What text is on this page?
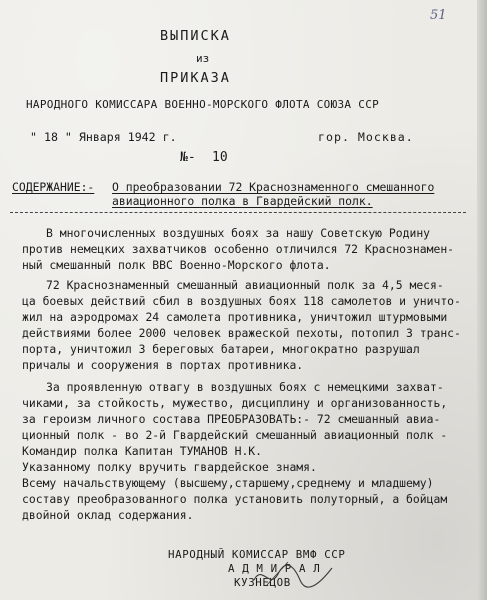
51
ВЫПИСКА
из
ПРИКАЗА
НАРОДНОГО КОМИССАРА ВОЕННО-МОРСКОГО ФЛОТА СОЮЗА ССР
" 18 " Января 1942 г.	гор. Москва.
№- 10
СОДЕРЖАНИЕ:- О преобразовании 72 Краснознаменного смешанного
авиационного полка в Гвардейский полк.
В многочисленных воздушных боях за нашу Советскую Родину
против немецких захватчиков особенно отличился 72 Краснознамен-
ный смешанный полк ВВС Военно-Морского флота.
72 Краснознаменный смешанный авиационный полк за 4,5 меся-
ца боевых действий сбил в воздушных боях 118 самолетов и уничто-
жил на аэродромах 24 самолета противника, уничтожил штурмовыми
действиями более 2000 человек вражеской пехоты, потопил 3 транс-
порта, уничтожил 3 береговых батареи, многократно разрушал
причалы и сооружения в портах противника.
За проявленную отвагу в воздушных боях с немецкими захват-
чиками, за стойкость, мужество, дисциплину и организованность,
за героизм личного состава ПРЕОБРАЗОВАТЬ:- 72 смешанный авиа-
ционный полк - во 2-й Гвардейский смешанный авиационный полк -
Командир полка Капитан ТУМАНОВ Н.К.
Указанному полку вручить гвардейское знамя.
Всему начальствующему (высшему,старшему,среднему и младшему)
составу преобразованного полка установить полуторный, а бойцам
двойной оклад содержания.
НАРОДНЫЙ КОМИССАР ВМФ ССР
А Д М И Р А Л
КУЗНЕЦОВ
